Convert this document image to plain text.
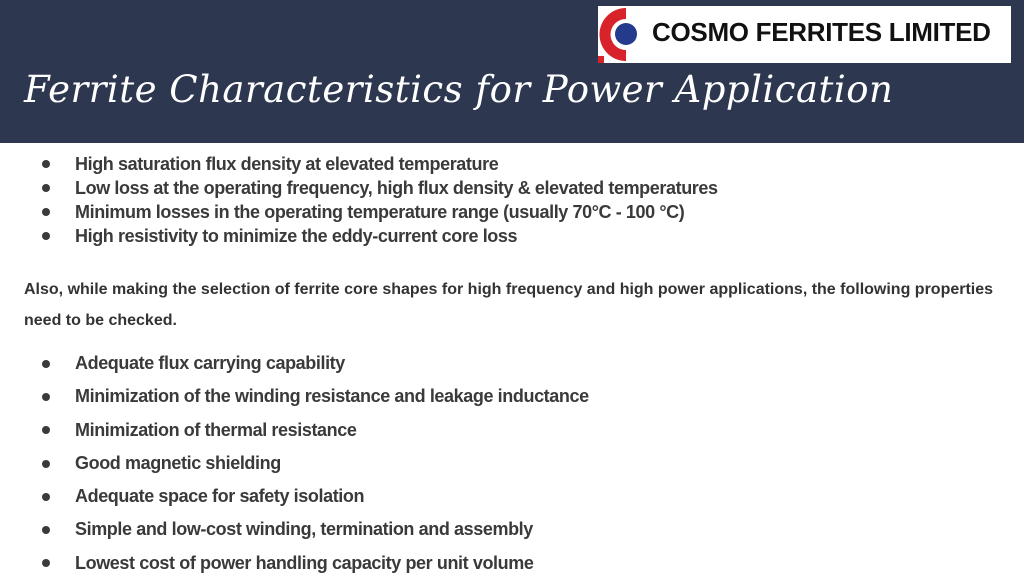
Ferrite Characteristics for Power Application
COSMO FERRITES LIMITED
High saturation flux density at elevated temperature
Low loss at the operating frequency, high flux density & elevated temperatures
Minimum losses in the operating temperature range (usually 70°C - 100 °C)
High resistivity to minimize the eddy-current core loss
Also, while making the selection of ferrite core shapes for high frequency and high power applications, the following properties need to be checked.
Adequate flux carrying capability
Minimization of the winding resistance and leakage inductance
Minimization of thermal resistance
Good magnetic shielding
Adequate space for safety isolation
Simple and low-cost winding, termination and assembly
Lowest cost of power handling capacity per unit volume
